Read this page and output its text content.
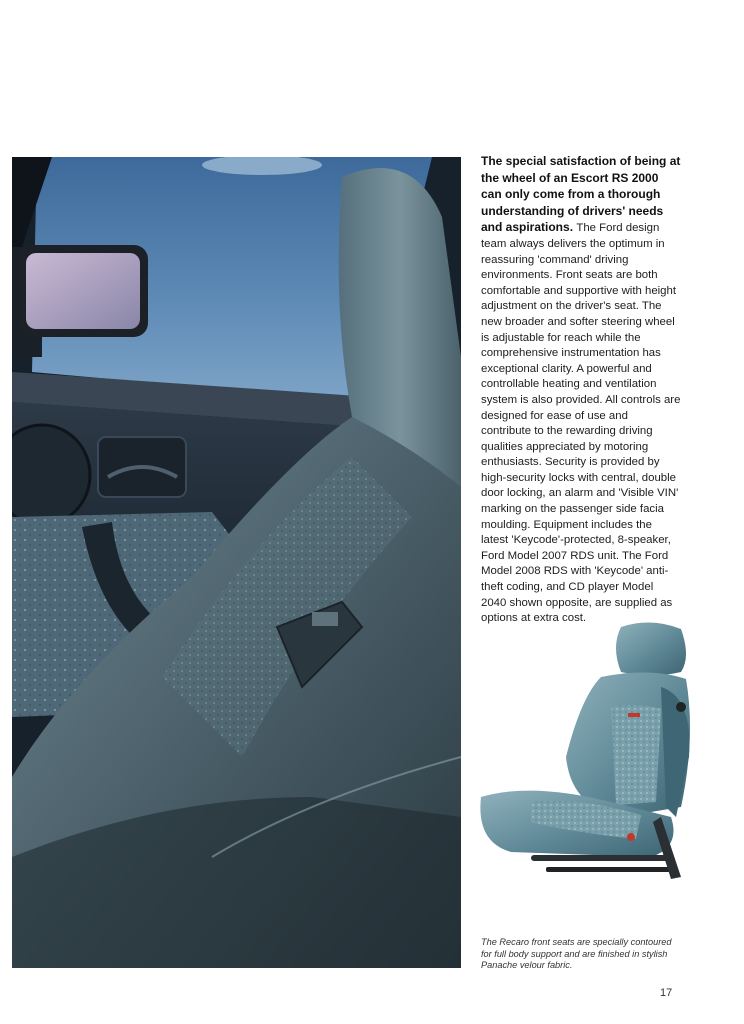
The special satisfaction of being at the wheel of an Escort RS 2000 can only come from a thorough understanding of drivers' needs and aspirations. The Ford design team always delivers the optimum in reassuring 'command' driving environments. Front seats are both comfortable and supportive with height adjustment on the driver's seat. The new broader and softer steering wheel is adjustable for reach while the comprehensive instrumentation has exceptional clarity. A powerful and controllable heating and ventilation system is also provided. All controls are designed for ease of use and contribute to the rewarding driving qualities appreciated by motoring enthusiasts. Security is provided by high-security locks with central, double door locking, an alarm and 'Visible VIN' marking on the passenger side facia moulding. Equipment includes the latest 'Keycode'-protected, 8-speaker, Ford Model 2007 RDS unit. The Ford Model 2008 RDS with 'Keycode' anti-theft coding, and CD player Model 2040 shown opposite, are supplied as options at extra cost.
The Recaro front seats are specially contoured for full body support and are finished in stylish Panache velour fabric.
17
